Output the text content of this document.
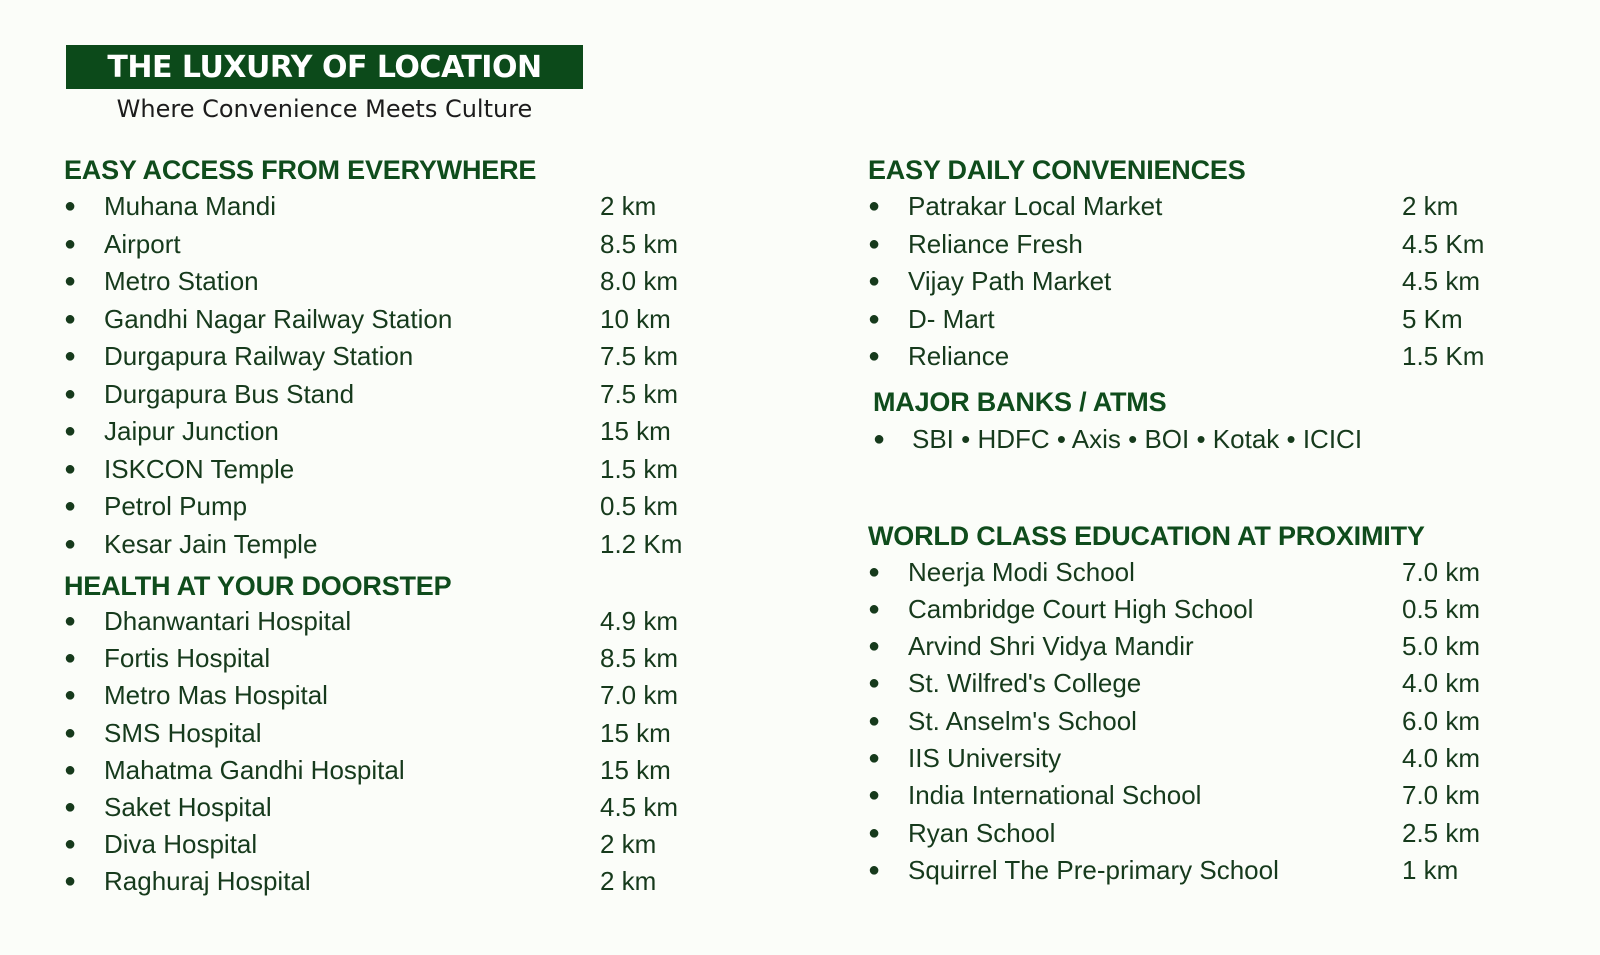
THE LUXURY OF LOCATION
Where Convenience Meets Culture
EASY ACCESS FROM EVERYWHERE
● Muhana Mandi	2 km
● Airport	8.5 km
● Metro Station	8.0 km
● Gandhi Nagar Railway Station	10 km
● Durgapura Railway Station	7.5 km
● Durgapura Bus Stand	7.5 km
● Jaipur Junction	15 km
● ISKCON Temple	1.5 km
● Petrol Pump	0.5 km
● Kesar Jain Temple	1.2 Km
HEALTH AT YOUR DOORSTEP
● Dhanwantari Hospital	4.9 km
● Fortis Hospital	8.5 km
● Metro Mas Hospital	7.0 km
● SMS Hospital	15 km
● Mahatma Gandhi Hospital	15 km
● Saket Hospital	4.5 km
● Diva Hospital	2 km
● Raghuraj Hospital	2 km
EASY DAILY CONVENIENCES
● Patrakar Local Market	2 km
● Reliance Fresh	4.5 Km
● Vijay Path Market	4.5 km
● D- Mart	5 Km
● Reliance	1.5 Km
MAJOR BANKS / ATMS
● SBI • HDFC • Axis • BOI • Kotak • ICICI
WORLD CLASS EDUCATION AT PROXIMITY
● Neerja Modi School	7.0 km
● Cambridge Court High School	0.5 km
● Arvind Shri Vidya Mandir	5.0 km
● St. Wilfred's College	4.0 km
● St. Anselm's School	6.0 km
● IIS University	4.0 km
● India International School	7.0 km
● Ryan School	2.5 km
● Squirrel The Pre-primary School	1 km
